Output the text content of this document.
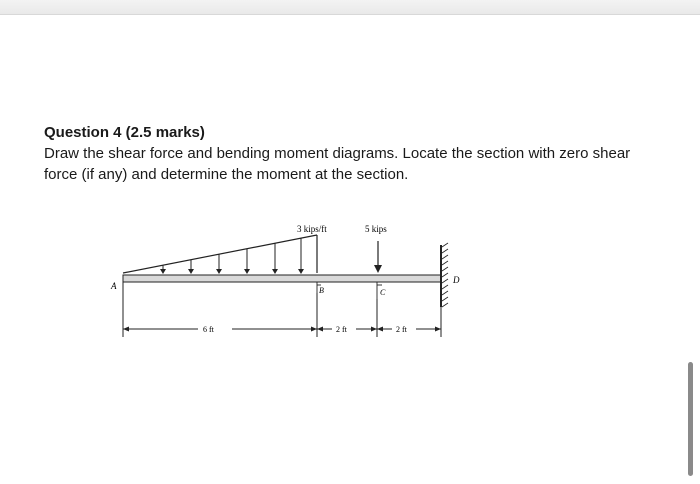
Question 4 (2.5 marks)
Draw the shear force and bending moment diagrams. Locate the section with zero shear
force (if any) and determine the moment at the section.
3 kips/ft	5 kips
A	B	C
D
6 ft	2 ft	2 ft
